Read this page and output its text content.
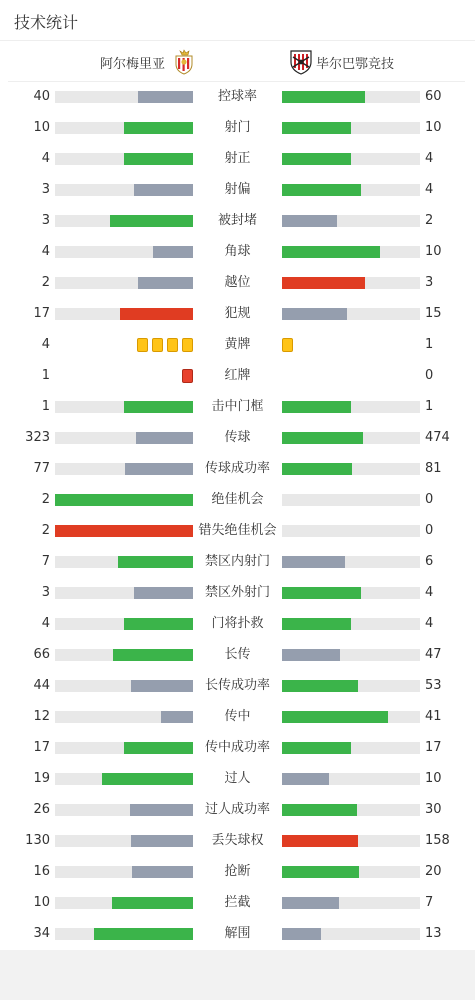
技术统计
阿尔梅里亚	毕尔巴鄂竞技
40	控球率	60
10	射门	10
4	射正	4
3	射偏	4
3	被封堵	2
4	角球	10
2	越位	3
17	犯规	15
4	黄牌	1
1	红牌	0
1	击中门框	1
323	传球	474
77	传球成功率	81
2	绝佳机会	0
2	错失绝佳机会	0
7	禁区内射门	6
3	禁区外射门	4
4	门将扑救	4
66	长传	47
44	长传成功率	53
12	传中	41
17	传中成功率	17
19	过人	10
26	过人成功率	30
130	丢失球权	158
16	抢断	20
10	拦截	7
34	解围	13
